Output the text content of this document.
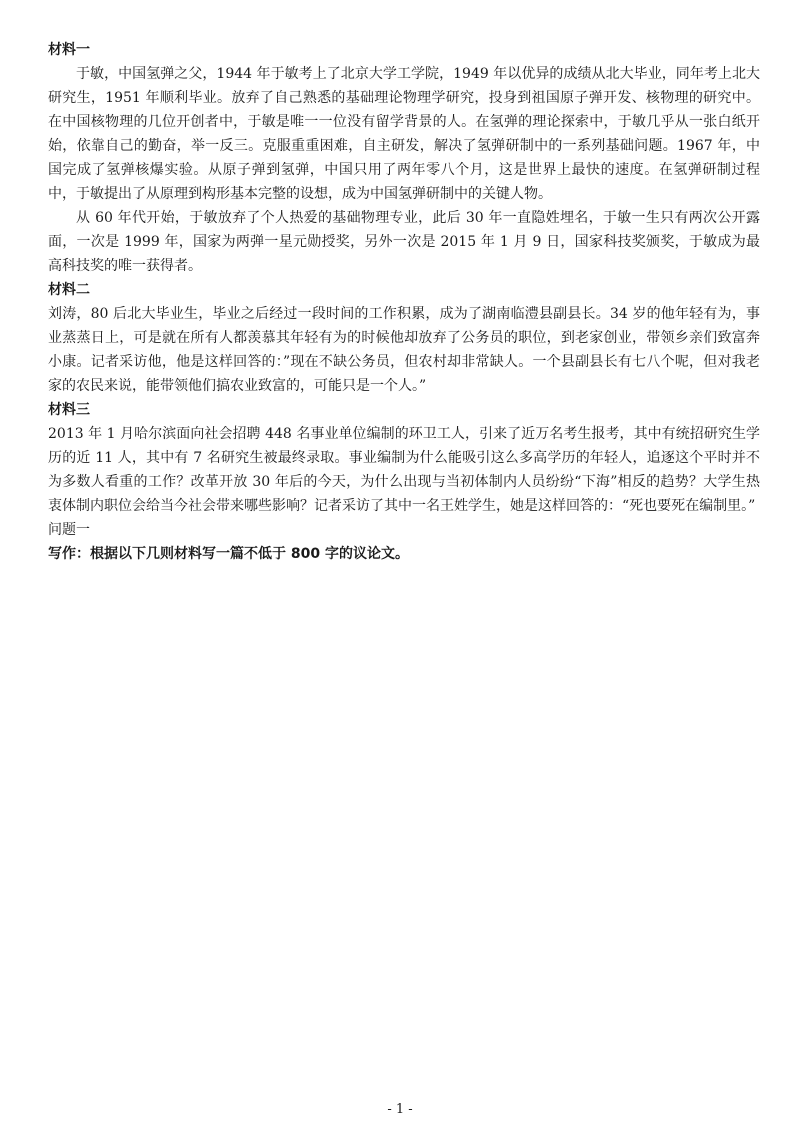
材料一

于敏，中国氢弹之父，1944 年于敏考上了北京大学工学院，1949 年以优异的成绩从北大毕业，同年考上北大研究生，1951 年顺利毕业。放弃了自己熟悉的基础理论物理学研究，投身到祖国原子弹开发、核物理的研究中。在中国核物理的几位开创者中，于敏是唯一一位没有留学背景的人。在氢弹的理论探索中，于敏几乎从一张白纸开始，依靠自己的勤奋，举一反三。克服重重困难，自主研发，解决了氢弹研制中的一系列基础问题。1967 年，中国完成了氢弹核爆实验。从原子弹到氢弹，中国只用了两年零八个月，这是世界上最快的速度。在氢弹研制过程中，于敏提出了从原理到构形基本完整的设想，成为中国氢弹研制中的关键人物。

从 60 年代开始，于敏放弃了个人热爱的基础物理专业，此后 30 年一直隐姓埋名，于敏一生只有两次公开露面，一次是 1999 年，国家为两弹一星元勋授奖，另外一次是 2015 年 1 月 9 日，国家科技奖颁奖，于敏成为最高科技奖的唯一获得者。

材料二

刘涛，80 后北大毕业生，毕业之后经过一段时间的工作积累，成为了湖南临澧县副县长。34 岁的他年轻有为，事业蒸蒸日上，可是就在所有人都羡慕其年轻有为的时候他却放弃了公务员的职位，到老家创业，带领乡亲们致富奔小康。记者采访他，他是这样回答的：”现在不缺公务员，但农村却非常缺人。一个县副县长有七八个呢，但对我老家的农民来说，能带领他们搞农业致富的，可能只是一个人。”

材料三

2013 年 1 月哈尔滨面向社会招聘 448 名事业单位编制的环卫工人，引来了近万名考生报考，其中有统招研究生学历的近 11 人，其中有 7 名研究生被最终录取。事业编制为什么能吸引这么多高学历的年轻人，追逐这个平时并不为多数人看重的工作？改革开放 30 年后的今天，为什么出现与当初体制内人员纷纷“下海”相反的趋势？大学生热衷体制内职位会给当今社会带来哪些影响？记者采访了其中一名王姓学生，她是这样回答的：“死也要死在编制里。”

问题一
写作：根据以下几则材料写一篇不低于 800 字的议论文。
- 1 -
